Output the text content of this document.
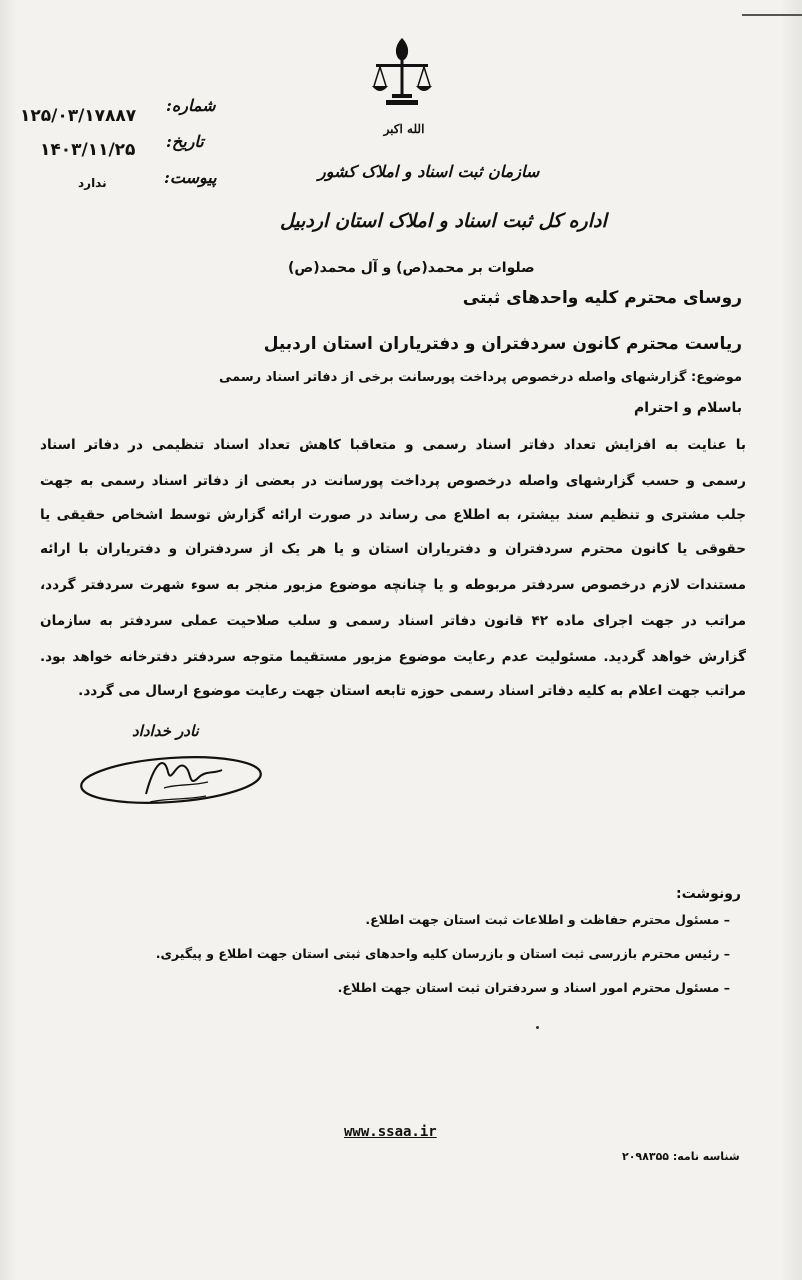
الله اکبر
سازمان ثبت اسناد و املاک کشور
اداره کل ثبت اسناد و املاک استان اردبیل
صلوات بر محمد(ص) و آل محمد(ص)
شماره:
تاریخ:
پیوست:
۱۲۵/۰۳/۱۷۸۸۷
۱۴۰۳/۱۱/۲۵
ندارد
روسای محترم کلیه واحدهای ثبتی
ریاست محترم کانون سردفتران و دفتریاران استان اردبیل
موضوع: گزارشهای واصله درخصوص پرداخت پورسانت برخی از دفاتر اسناد رسمی
باسلام و احترام
با عنایت به افزایش تعداد دفاتر اسناد رسمی و متعاقبا کاهش تعداد اسناد تنظیمی در دفاتر اسناد
رسمی و حسب گزارشهای واصله درخصوص پرداخت پورسانت در بعضی از دفاتر اسناد رسمی به جهت
جلب مشتری و تنظیم سند بیشتر، به اطلاع می رساند در صورت ارائه گزارش توسط اشخاص حقیقی یا
حقوقی یا کانون محترم سردفتران و دفتریاران استان و یا هر یک از سردفتران و دفتریاران با ارائه
مستندات لازم درخصوص سردفتر مربوطه و یا چنانچه موضوع مزبور منجر به سوء شهرت سردفتر گردد،
مراتب در جهت اجرای ماده ۴۲ قانون دفاتر اسناد رسمی و سلب صلاحیت عملی سردفتر به سازمان
گزارش خواهد گردید. مسئولیت عدم رعایت موضوع مزبور مستقیما متوجه سردفتر دفترخانه خواهد بود.
مراتب جهت اعلام به کلیه دفاتر اسناد رسمی حوزه تابعه استان جهت رعایت موضوع ارسال می گردد.
نادر خداداد
رونوشت:
– مسئول محترم حفاظت و اطلاعات ثبت استان جهت اطلاع.
– رئیس محترم بازرسی ثبت استان و بازرسان کلیه واحدهای ثبتی استان جهت اطلاع و پیگیری.
– مسئول محترم امور اسناد و سردفتران ثبت استان جهت اطلاع.
www.ssaa.ir
شناسه نامه: ۲۰۹۸۳۵۵
